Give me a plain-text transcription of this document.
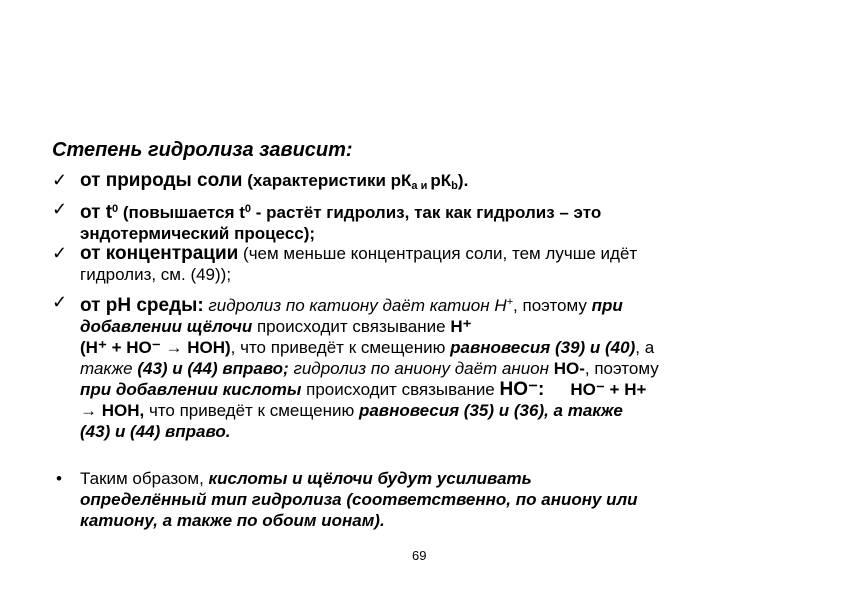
Степень гидролиза зависит:
✓ от природы соли (характеристики $рК_а$ $_и$ $рК_b$).
✓ от $t^0$ (повышается $t^0$ - растёт гидролиз, так как гидролиз – это
эндотермический процесс);
✓ от концентрации (чем меньше концентрация соли, тем лучше идёт
гидролиз, см. (49));
✓ от рН среды: гидролиз по катиону даёт катион Н+, поэтому при
добавлении щёлочи происходит связывание Н⁺
(Н⁺ + НО⁻ → НОН), что приведёт к смещению равновесия (39) и (40), а
также (43) и (44) вправо; гидролиз по аниону даёт анион НО-, поэтому
при добавлении кислоты происходит связывание НО⁻: HO⁻ + H+
→ НОН, что приведёт к смещению равновесия (35) и (36), а также
(43) и (44) вправо.
• Таким образом, кислоты и щёлочи будут усиливать
определённый тип гидролиза (соответственно, по аниону или
катиону, а также по обоим ионам).
69
